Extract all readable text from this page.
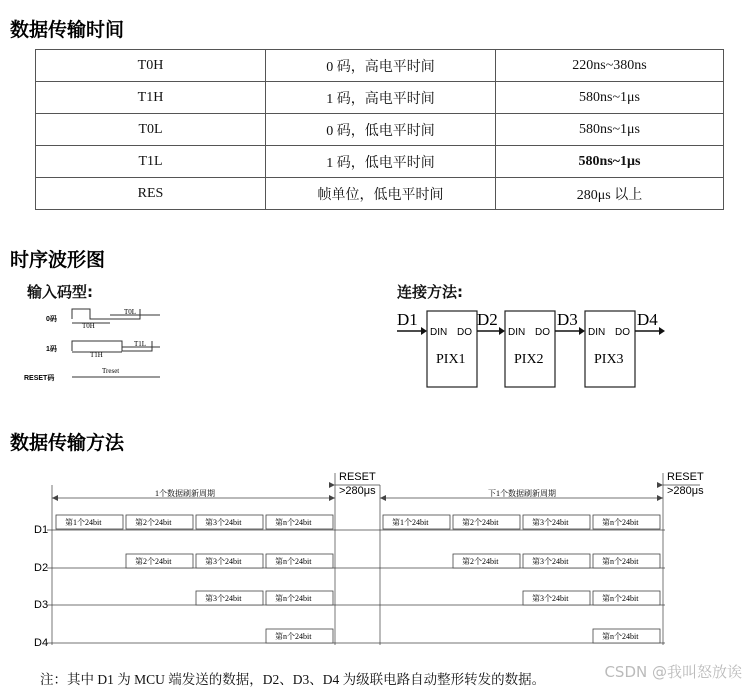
数据传输时间
T0H	0 码，高电平时间	220ns~380ns
T1H	1 码，高电平时间	580ns~1μs
T0L	0 码，低电平时间	580ns~1μs
T1L	1 码，低电平时间	580ns~1μs
RES	帧单位，低电平时间	280μs 以上
时序波形图
输入码型:	连接方法:
0码
1码
RESET码
T0H
T0L
T1H
T1L
Treset
D1	D2	D3	D4
DIN DO	DIN DO	DIN DO
PIX1	PIX2	PIX3
数据传输方法
1个数据刷新周期	下1个数据刷新周期
RESET
>280μs
RESET
>280μs
D1
D2
D3
D4
第1个24bit	第2个24bit	第3个24bit	第n个24bit
第2个24bit	第3个24bit	第n个24bit
第3个24bit	第n个24bit
第n个24bit
第1个24bit	第2个24bit	第3个24bit	第n个24bit
第2个24bit	第3个24bit	第n个24bit
第3个24bit	第n个24bit
第n个24bit
注：其中 D1 为 MCU 端发送的数据，D2、D3、D4 为级联电路自动整形转发的数据。	CSDN @我叫怒放诶
